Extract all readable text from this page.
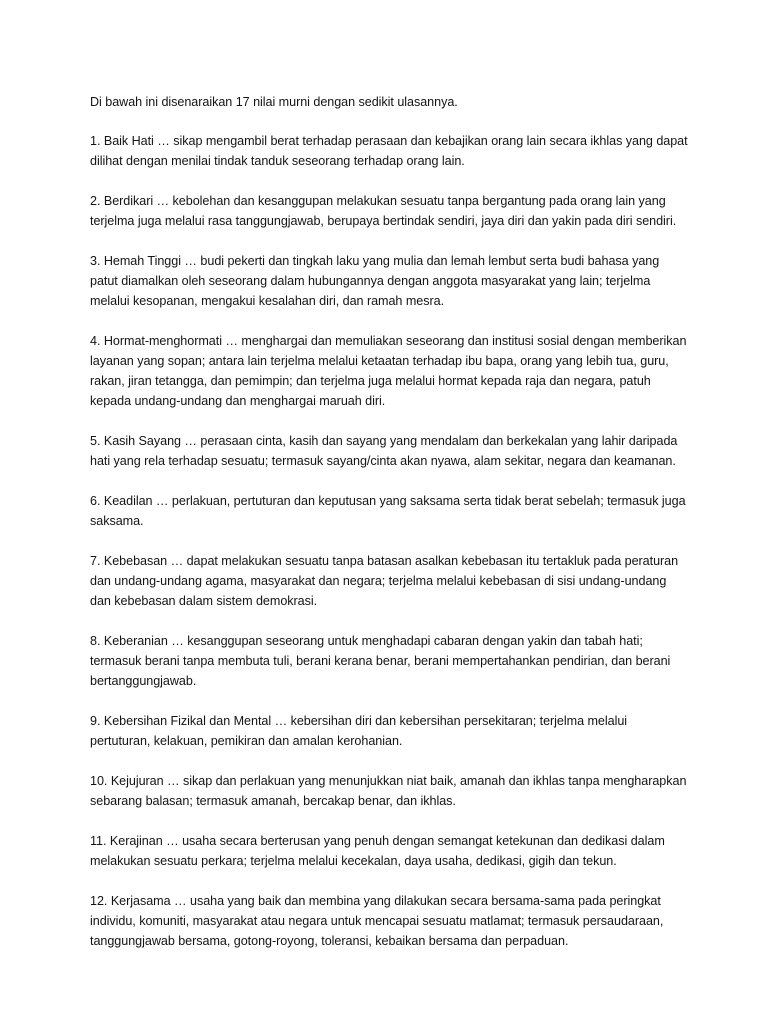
Di bawah ini disenaraikan 17 nilai murni dengan sedikit ulasannya.

1. Baik Hati … sikap mengambil berat terhadap perasaan dan kebajikan orang lain secara ikhlas yang dapat dilihat dengan menilai tindak tanduk seseorang terhadap orang lain.

2. Berdikari … kebolehan dan kesanggupan melakukan sesuatu tanpa bergantung pada orang lain yang terjelma juga melalui rasa tanggungjawab, berupaya bertindak sendiri, jaya diri dan yakin pada diri sendiri.

3. Hemah Tinggi … budi pekerti dan tingkah laku yang mulia dan lemah lembut serta budi bahasa yang patut diamalkan oleh seseorang dalam hubungannya dengan anggota masyarakat yang lain; terjelma melalui kesopanan, mengakui kesalahan diri, dan ramah mesra.

4. Hormat-menghormati … menghargai dan memuliakan seseorang dan institusi sosial dengan memberikan layanan yang sopan; antara lain terjelma melalui ketaatan terhadap ibu bapa, orang yang lebih tua, guru, rakan, jiran tetangga, dan pemimpin; dan terjelma juga melalui hormat kepada raja dan negara, patuh kepada undang-undang dan menghargai maruah diri.

5. Kasih Sayang … perasaan cinta, kasih dan sayang yang mendalam dan berkekalan yang lahir daripada hati yang rela terhadap sesuatu; termasuk sayang/cinta akan nyawa, alam sekitar, negara dan keamanan.

6. Keadilan … perlakuan, pertuturan dan keputusan yang saksama serta tidak berat sebelah; termasuk juga saksama.

7. Kebebasan … dapat melakukan sesuatu tanpa batasan asalkan kebebasan itu tertakluk pada peraturan dan undang-undang agama, masyarakat dan negara; terjelma melalui kebebasan di sisi undang-undang dan kebebasan dalam sistem demokrasi.

8. Keberanian … kesanggupan seseorang untuk menghadapi cabaran dengan yakin dan tabah hati; termasuk berani tanpa membuta tuli, berani kerana benar, berani mempertahankan pendirian, dan berani bertanggungjawab.

9. Kebersihan Fizikal dan Mental … kebersihan diri dan kebersihan persekitaran; terjelma melalui pertuturan, kelakuan, pemikiran dan amalan kerohanian.

10. Kejujuran … sikap dan perlakuan yang menunjukkan niat baik, amanah dan ikhlas tanpa mengharapkan sebarang balasan; termasuk amanah, bercakap benar, dan ikhlas.

11. Kerajinan … usaha secara berterusan yang penuh dengan semangat ketekunan dan dedikasi dalam melakukan sesuatu perkara; terjelma melalui kecekalan, daya usaha, dedikasi, gigih dan tekun.

12. Kerjasama … usaha yang baik dan membina yang dilakukan secara bersama-sama pada peringkat individu, komuniti, masyarakat atau negara untuk mencapai sesuatu matlamat; termasuk persaudaraan, tanggungjawab bersama, gotong-royong, toleransi, kebaikan bersama dan perpaduan.
